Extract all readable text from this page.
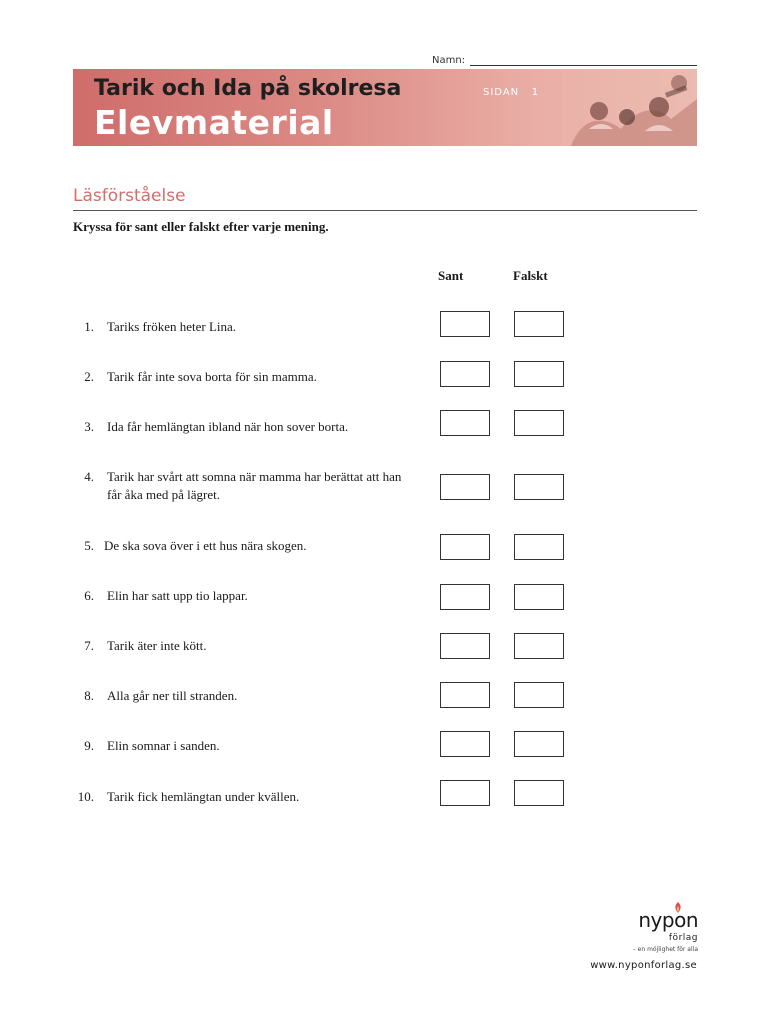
Namn:
Tarik och Ida på skolresa
Elevmaterial
SIDAN 1
Läsförståelse
Kryssa för sant eller falskt efter varje mening.
Sant	Falskt
1. Tariks fröken heter Lina.
2. Tarik får inte sova borta för sin mamma.
3. Ida får hemlängtan ibland när hon sover borta.
4. Tarik har svårt att somna när mamma har berättat att han får åka med på lägret.
5. De ska sova över i ett hus nära skogen.
6. Elin har satt upp tio lappar.
7. Tarik äter inte kött.
8. Alla går ner till stranden.
9. Elin somnar i sanden.
10. Tarik fick hemlängtan under kvällen.
nypon
förlag
– en möjlighet för alla
www.nyponforlag.se
